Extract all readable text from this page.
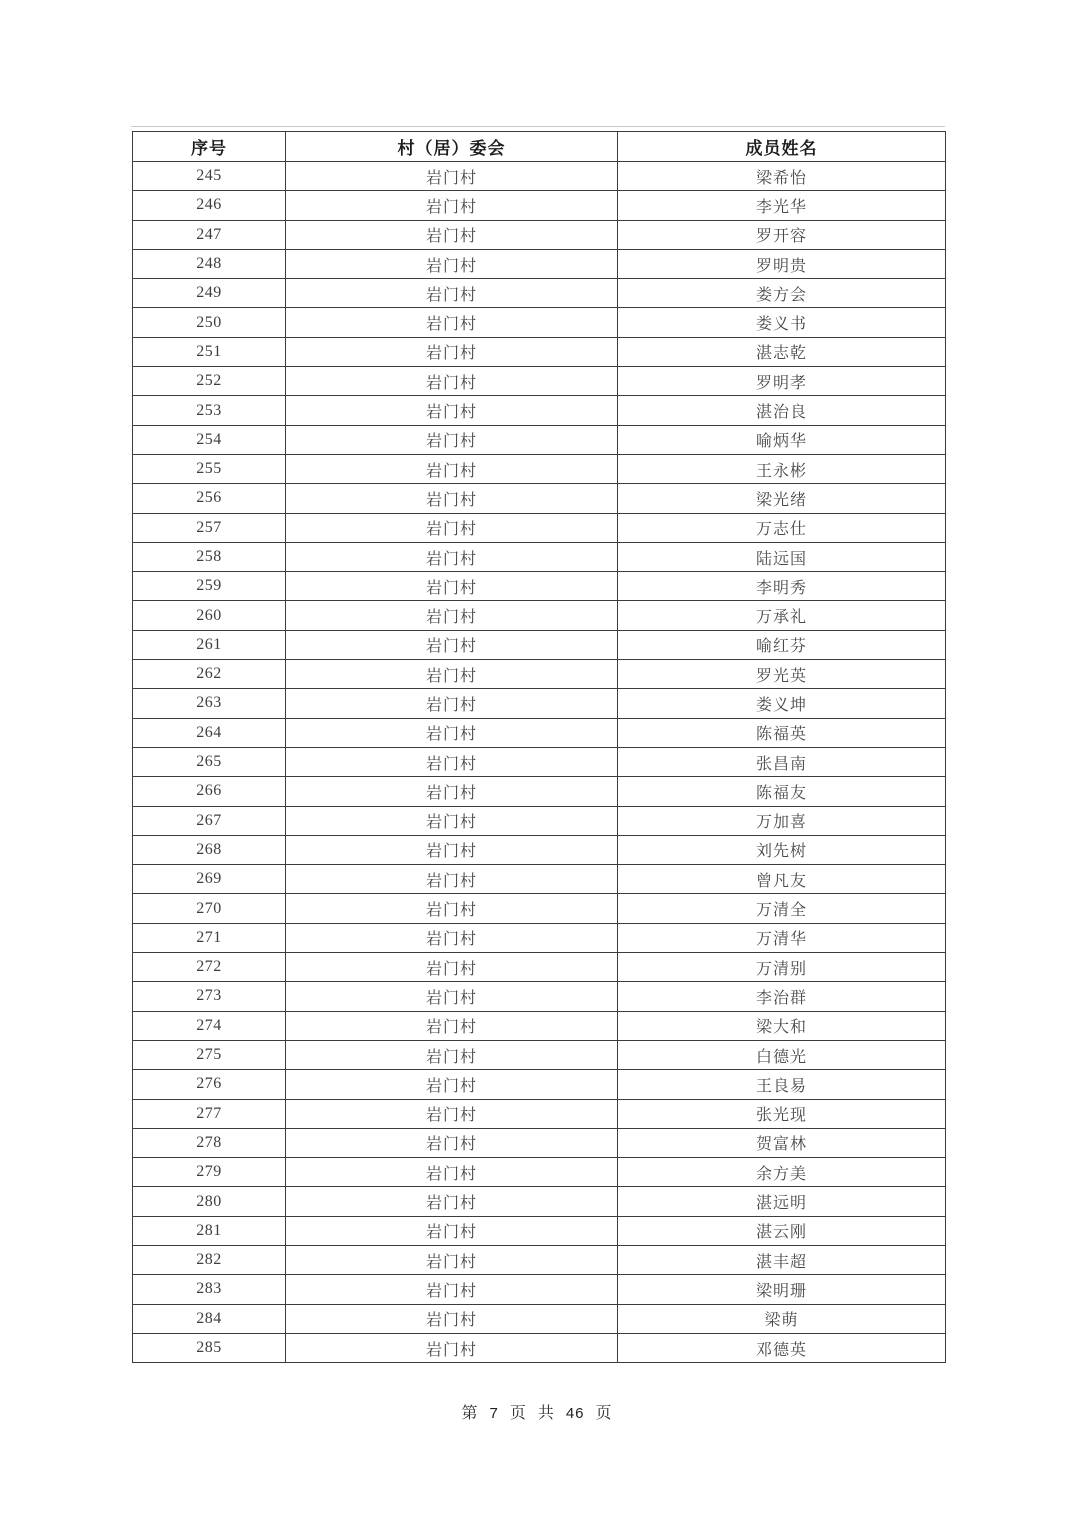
序号	村（居）委会	成员姓名
245	岩门村	梁希怡
246	岩门村	李光华
247	岩门村	罗开容
248	岩门村	罗明贵
249	岩门村	娄方会
250	岩门村	娄义书
251	岩门村	湛志乾
252	岩门村	罗明孝
253	岩门村	湛治良
254	岩门村	喻炳华
255	岩门村	王永彬
256	岩门村	梁光绪
257	岩门村	万志仕
258	岩门村	陆远国
259	岩门村	李明秀
260	岩门村	万承礼
261	岩门村	喻红芬
262	岩门村	罗光英
263	岩门村	娄义坤
264	岩门村	陈福英
265	岩门村	张昌南
266	岩门村	陈福友
267	岩门村	万加喜
268	岩门村	刘先树
269	岩门村	曾凡友
270	岩门村	万清全
271	岩门村	万清华
272	岩门村	万清别
273	岩门村	李治群
274	岩门村	梁大和
275	岩门村	白德光
276	岩门村	王良易
277	岩门村	张光现
278	岩门村	贺富林
279	岩门村	余方美
280	岩门村	湛远明
281	岩门村	湛云刚
282	岩门村	湛丰超
283	岩门村	梁明珊
284	岩门村	梁萌
285	岩门村	邓德英
第 7 页 共 46 页
